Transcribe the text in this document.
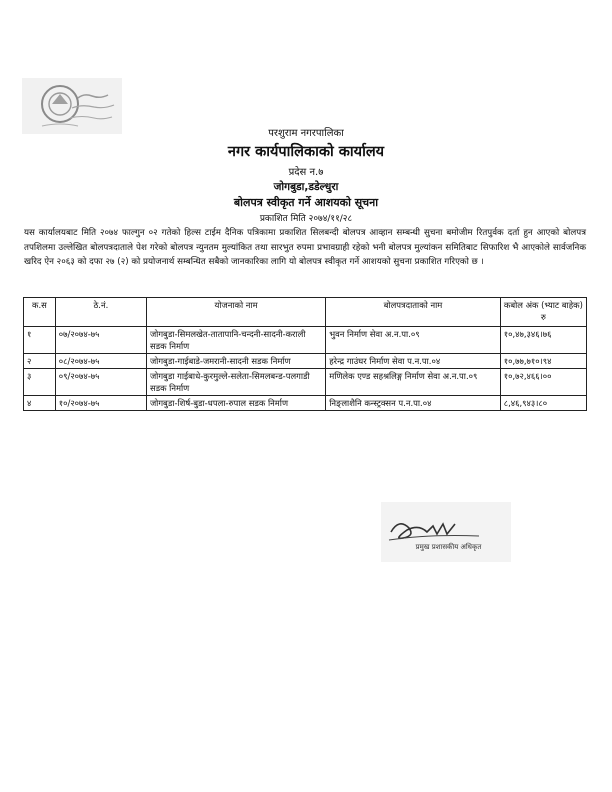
परशुराम नगरपालिका
नगर कार्यपालिकाको कार्यालय
प्रदेस न.७
जोगबुडा,डडेल्धुरा
बोलपत्र स्वीकृत गर्ने आशयको सूचना
प्रकाशित मिति २०७४/११/२८
यस कार्यालयबाट मिति २०७४ फाल्गुन ०२ गतेको हिल्स टाईम दैनिक पत्रिकामा प्रकाशित सिलबन्दी बोलपत्र आव्हान सम्बन्धी सुचना बमोजीम रितपुर्वक दर्ता हुन आएको बोलपत्र तपशिलमा उल्लेखित बोलपत्रदाताले पेश गरेको बोलपत्र न्युनतम मुल्यांकित तथा सारभुत रुपमा प्रभावग्राही रहेको भनी बोलपत्र मुल्यांकन समितिबाट सिफारिश भै आएकोले सार्वजनिक खरिद ऐन २०६३ को दफा २७ (२) को प्रयोजनार्थ सम्बन्धित सबैको जानकारिका लागि यो बोलपत्र स्वीकृत गर्ने आशयको सुचना प्रकाशित गरिएको छ ।
क.स	ठे.नं.	योजनाको नाम	बोलपत्रदाताको नाम	कबोल अंक (भ्याट बाहेक) रु
१	०७/२०७४-७५	जोगबुडा-सिमलखेत-तातापानि-चन्दनी-सादनी-कराली सडक निर्माण	भुवन निर्माण सेवा अ.न.पा.०९	१०,४७,३४६।७६
२	०८/२०७४-७५	जोगबुडा-गाईबाडे-जमरानी-सादनी सडक निर्माण	हरेन्द्र गाउंघर निर्माण सेवा प.न.पा.०४	१०,७७,७१०।९४
३	०९/२०७४-७५	जोगबुडा गाईबाधे-कुरमुल्ले-सलेता-सिमलबन्ड-पलगाडी सडक निर्माण	मणिलेक एण्ड सहश्रलिङ्ग निर्माण सेवा अ.न.पा.०९	१०,७२,४६६।००
४	१०/२०७४-७५	जोगबुडा-शिर्ष-बुडा-धपला-रुपाल सडक निर्माण	निङ्लाशैनि कन्स्ट्रक्सन प.न.पा.०४	८,४६,९४३।८०
प्रमुख प्रशासकीय अधिकृत
